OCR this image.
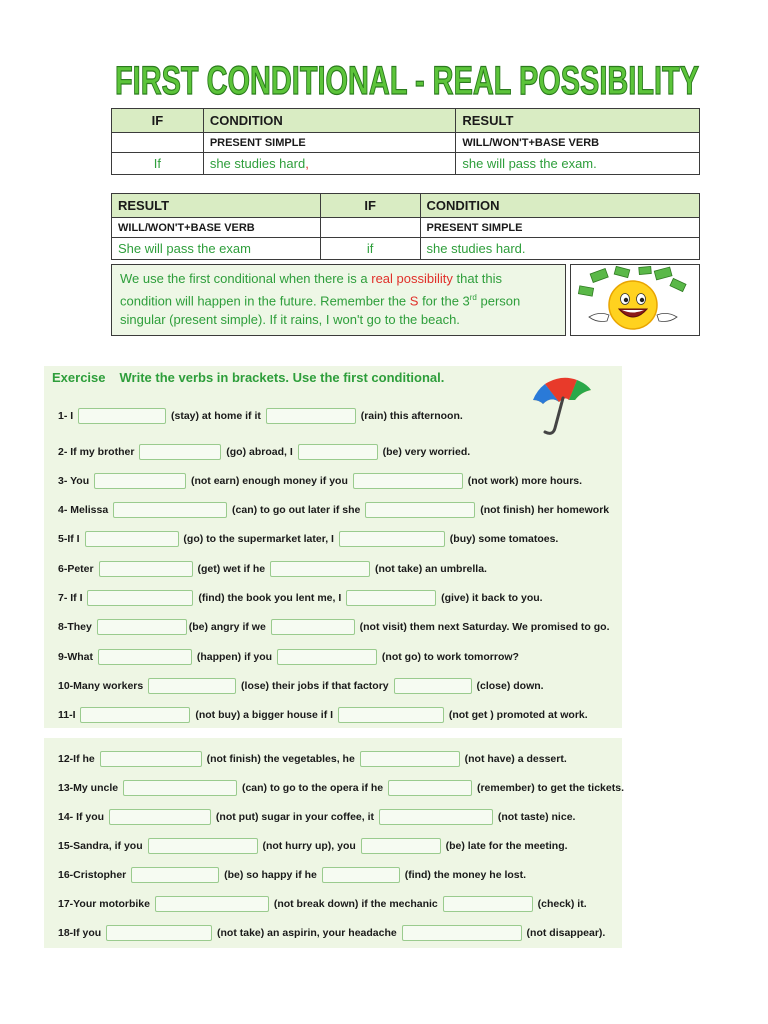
FIRST CONDITIONAL - REAL POSSIBILITY
IF	CONDITION	RESULT
	PRESENT SIMPLE	WILL/WON'T+BASE VERB
If	she studies hard,	she will pass the exam.
RESULT	IF	CONDITION
WILL/WON'T+BASE VERB		PRESENT SIMPLE
She will pass the exam	if	she studies hard.
We use the first conditional when there is a real possibility that this condition will happen in the future. Remember the S for the 3rd person singular (present simple). If it rains, I won't go to the beach.
Exercise Write the verbs in brackets. Use the first conditional.
1- I	(stay) at home if it	(rain) this afternoon.
2- If my brother	(go) abroad, I	(be) very worried.
3- You	(not earn) enough money if you	(not work) more hours.
4- Melissa	(can) to go out later if she	(not finish) her homework
5-If I	(go) to the supermarket later, I	(buy) some tomatoes.
6-Peter	(get) wet if he	(not take) an umbrella.
7- If I	(find) the book you lent me, I	(give) it back to you.
8-They	(be) angry if we	(not visit) them next Saturday. We promised to go.
9-What	(happen) if you	(not go) to work tomorrow?
10-Many workers	(lose) their jobs if that factory	(close) down.
11-I	(not buy) a bigger house if I	(not get ) promoted at work.
12-If he	(not finish) the vegetables, he	(not have) a dessert.
13-My uncle	(can) to go to the opera if he	(remember) to get the tickets.
14- If you	(not put) sugar in your coffee, it	(not taste) nice.
15-Sandra, if you	(not hurry up), you	(be) late for the meeting.
16-Cristopher	(be) so happy if he	(find) the money he lost.
17-Your motorbike	(not break down) if the mechanic	(check) it.
18-If you	(not take) an aspirin, your headache	(not disappear).
